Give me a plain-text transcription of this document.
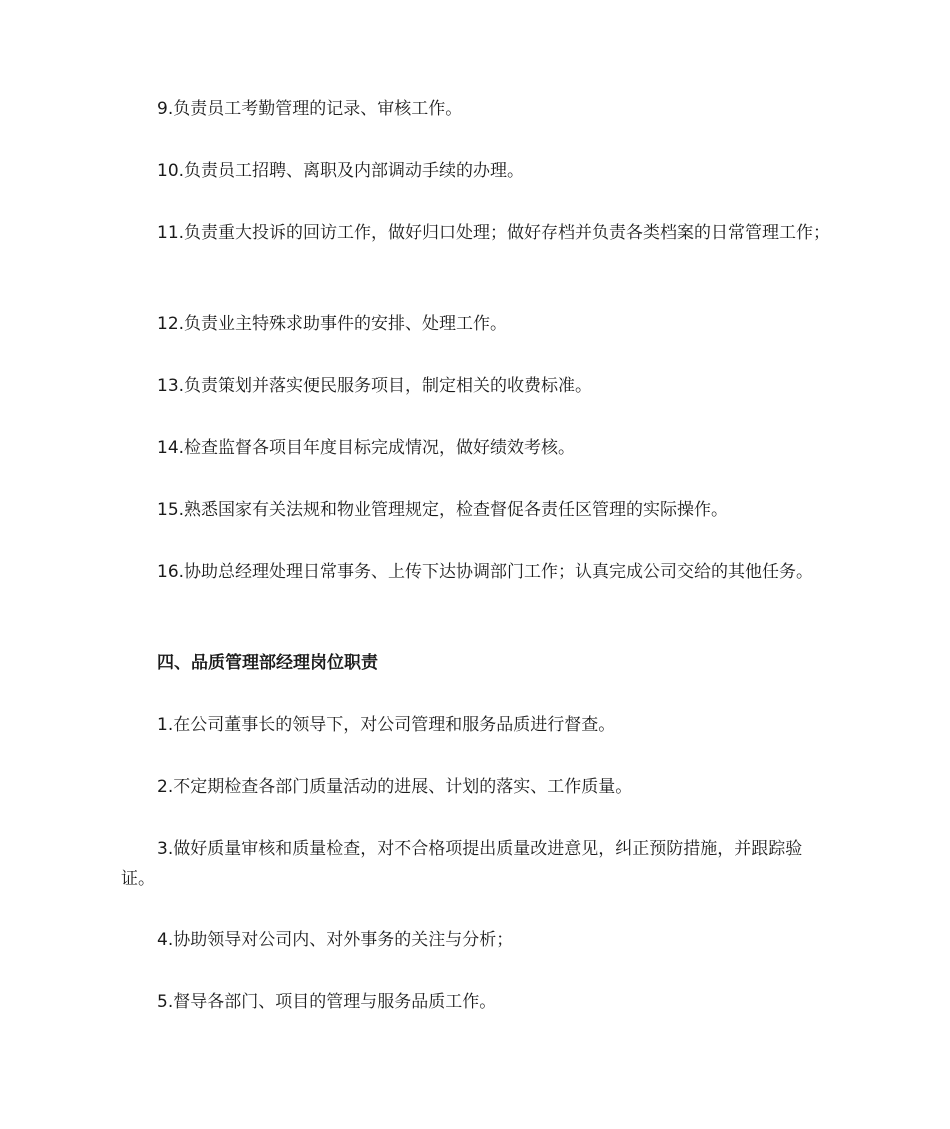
9.负责员工考勤管理的记录、审核工作。

10.负责员工招聘、离职及内部调动手续的办理。

11.负责重大投诉的回访工作，做好归口处理；做好存档并负责各类档案的日常管理工作；

12.负责业主特殊求助事件的安排、处理工作。

13.负责策划并落实便民服务项目，制定相关的收费标准。

14.检查监督各项目年度目标完成情况，做好绩效考核。

15.熟悉国家有关法规和物业管理规定，检查督促各责任区管理的实际操作。

16.协助总经理处理日常事务、上传下达协调部门工作；认真完成公司交给的其他任务。

四、品质管理部经理岗位职责

1.在公司董事长的领导下，对公司管理和服务品质进行督查。

2.不定期检查各部门质量活动的进展、计划的落实、工作质量。

3.做好质量审核和质量检查，对不合格项提出质量改进意见，纠正预防措施，并跟踪验证。

4.协助领导对公司内、对外事务的关注与分析；

5.督导各部门、项目的管理与服务品质工作。
